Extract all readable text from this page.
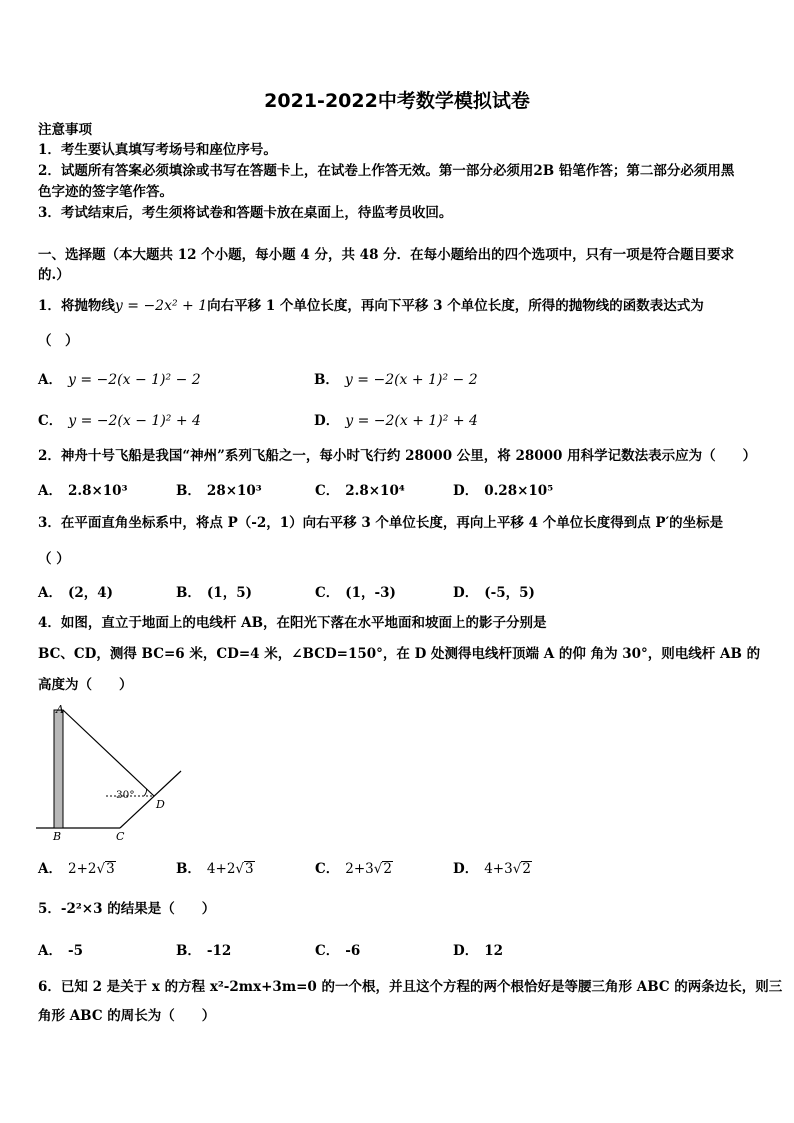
2021-2022中考数学模拟试卷
注意事项
1．考生要认真填写考场号和座位序号。
2．试题所有答案必须填涂或书写在答题卡上，在试卷上作答无效。第一部分必须用2B 铅笔作答；第二部分必须用黑
色字迹的签字笔作答。
3．考试结束后，考生须将试卷和答题卡放在桌面上，待监考员收回。
一、选择题（本大题共 12 个小题，每小题 4 分，共 48 分．在每小题给出的四个选项中，只有一项是符合题目要求
的.）
1．将抛物线y = −2x² + 1向右平移 1 个单位长度，再向下平移 3 个单位长度，所得的抛物线的函数表达式为
（　）
A． y = −2(x − 1)² − 2	B． y = −2(x + 1)² − 2
C． y = −2(x − 1)² + 4	D． y = −2(x + 1)² + 4
2．神舟十号飞船是我国“神州”系列飞船之一，每小时飞行约 28000 公里，将 28000 用科学记数法表示应为（　　）
A． 2.8×10³	B． 28×10³	C． 2.8×10⁴	D． 0.28×10⁵
3．在平面直角坐标系中，将点 P（-2，1）向右平移 3 个单位长度，再向上平移 4 个单位长度得到点 P′的坐标是
（ ）
A． (2，4)	B． (1，5)	C． (1，-3)	D． (-5，5)
4．如图，直立于地面上的电线杆 AB，在阳光下落在水平地面和坡面上的影子分别是
BC、CD，测得 BC=6 米，CD=4 米，∠BCD=150°，在 D 处测得电线杆顶端 A 的仰 角为 30°，则电线杆 AB 的
高度为（　　）
A
B	C
D
30°
A． 2+2√3	B． 4+2√3	C． 2+3√2	D． 4+3√2
5．-2²×3 的结果是（　　）
A． -5	B． -12	C． -6	D． 12
6．已知 2 是关于 x 的方程 x²-2mx+3m=0 的一个根，并且这个方程的两个根恰好是等腰三角形 ABC 的两条边长，则三
角形 ABC 的周长为（　　）
